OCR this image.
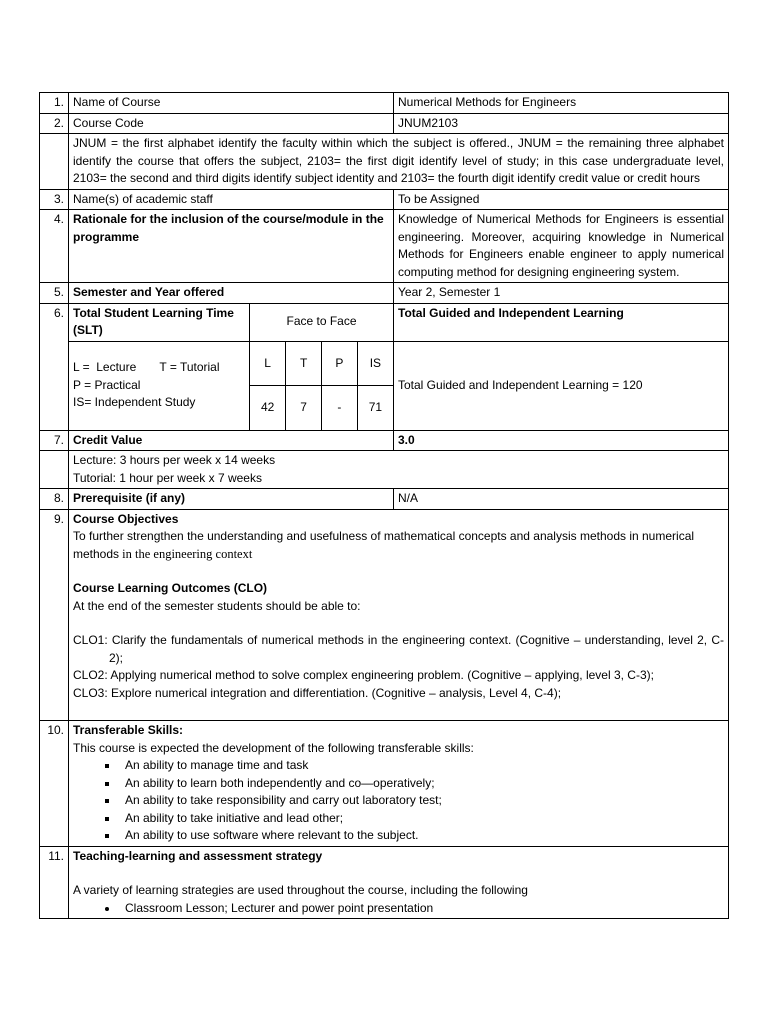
1.	Name of Course	Numerical Methods for Engineers
2.	Course Code	JNUM2103
	JNUM = the first alphabet identify the faculty within which the subject is offered., JNUM = the remaining three alphabet identify the course that offers the subject, 2103= the first digit identify level of study; in this case undergraduate level, 2103= the second and third digits identify subject identity and 2103= the fourth digit identify credit value or credit hours
3.	Name(s) of academic staff	To be Assigned
4.	Rationale for the inclusion of the course/module in the programme	Knowledge of Numerical Methods for Engineers is essential engineering. Moreover, acquiring knowledge in Numerical Methods for Engineers enable engineer to apply numerical computing method for designing engineering system.
5.	Semester and Year offered	Year 2, Semester 1
6.	Total Student Learning Time (SLT)	Face to Face	Total Guided and Independent Learning

L =  Lecture       T = Tutorial
P = Practical
IS= Independent Study

L	T	P	IS
42	7	-	71
	Total Guided and Independent Learning = 120
7.	Credit Value	3.0

Lecture: 3 hours per week x 14 weeks
Tutorial: 1 hour per week x 7 weeks

8.	Prerequisite (if any)	N/A
9.	Course Objectives
To further strengthen the understanding and usefulness of mathematical concepts and analysis methods in numerical methods in the engineering context
Course Learning Outcomes (CLO)
At the end of the semester students should be able to:
CLO1: Clarify the fundamentals of numerical methods in the engineering context. (Cognitive – understanding, level 2, C-2);
CLO2: Applying numerical method to solve complex engineering problem. (Cognitive – applying, level 3, C-3);
CLO3: Explore numerical integration and differentiation. (Cognitive – analysis, Level 4, C-4);

10.	Transferable Skills:
This course is expected the development of the following transferable skills:
▪ An ability to manage time and task
▪ An ability to learn both independently and co—operatively;
▪ An ability to take responsibility and carry out laboratory test;
▪ An ability to take initiative and lead other;
▪ An ability to use software where relevant to the subject.

11.	Teaching-learning and assessment strategy
A variety of learning strategies are used throughout the course, including the following
• Classroom Lesson; Lecturer and power point presentation
